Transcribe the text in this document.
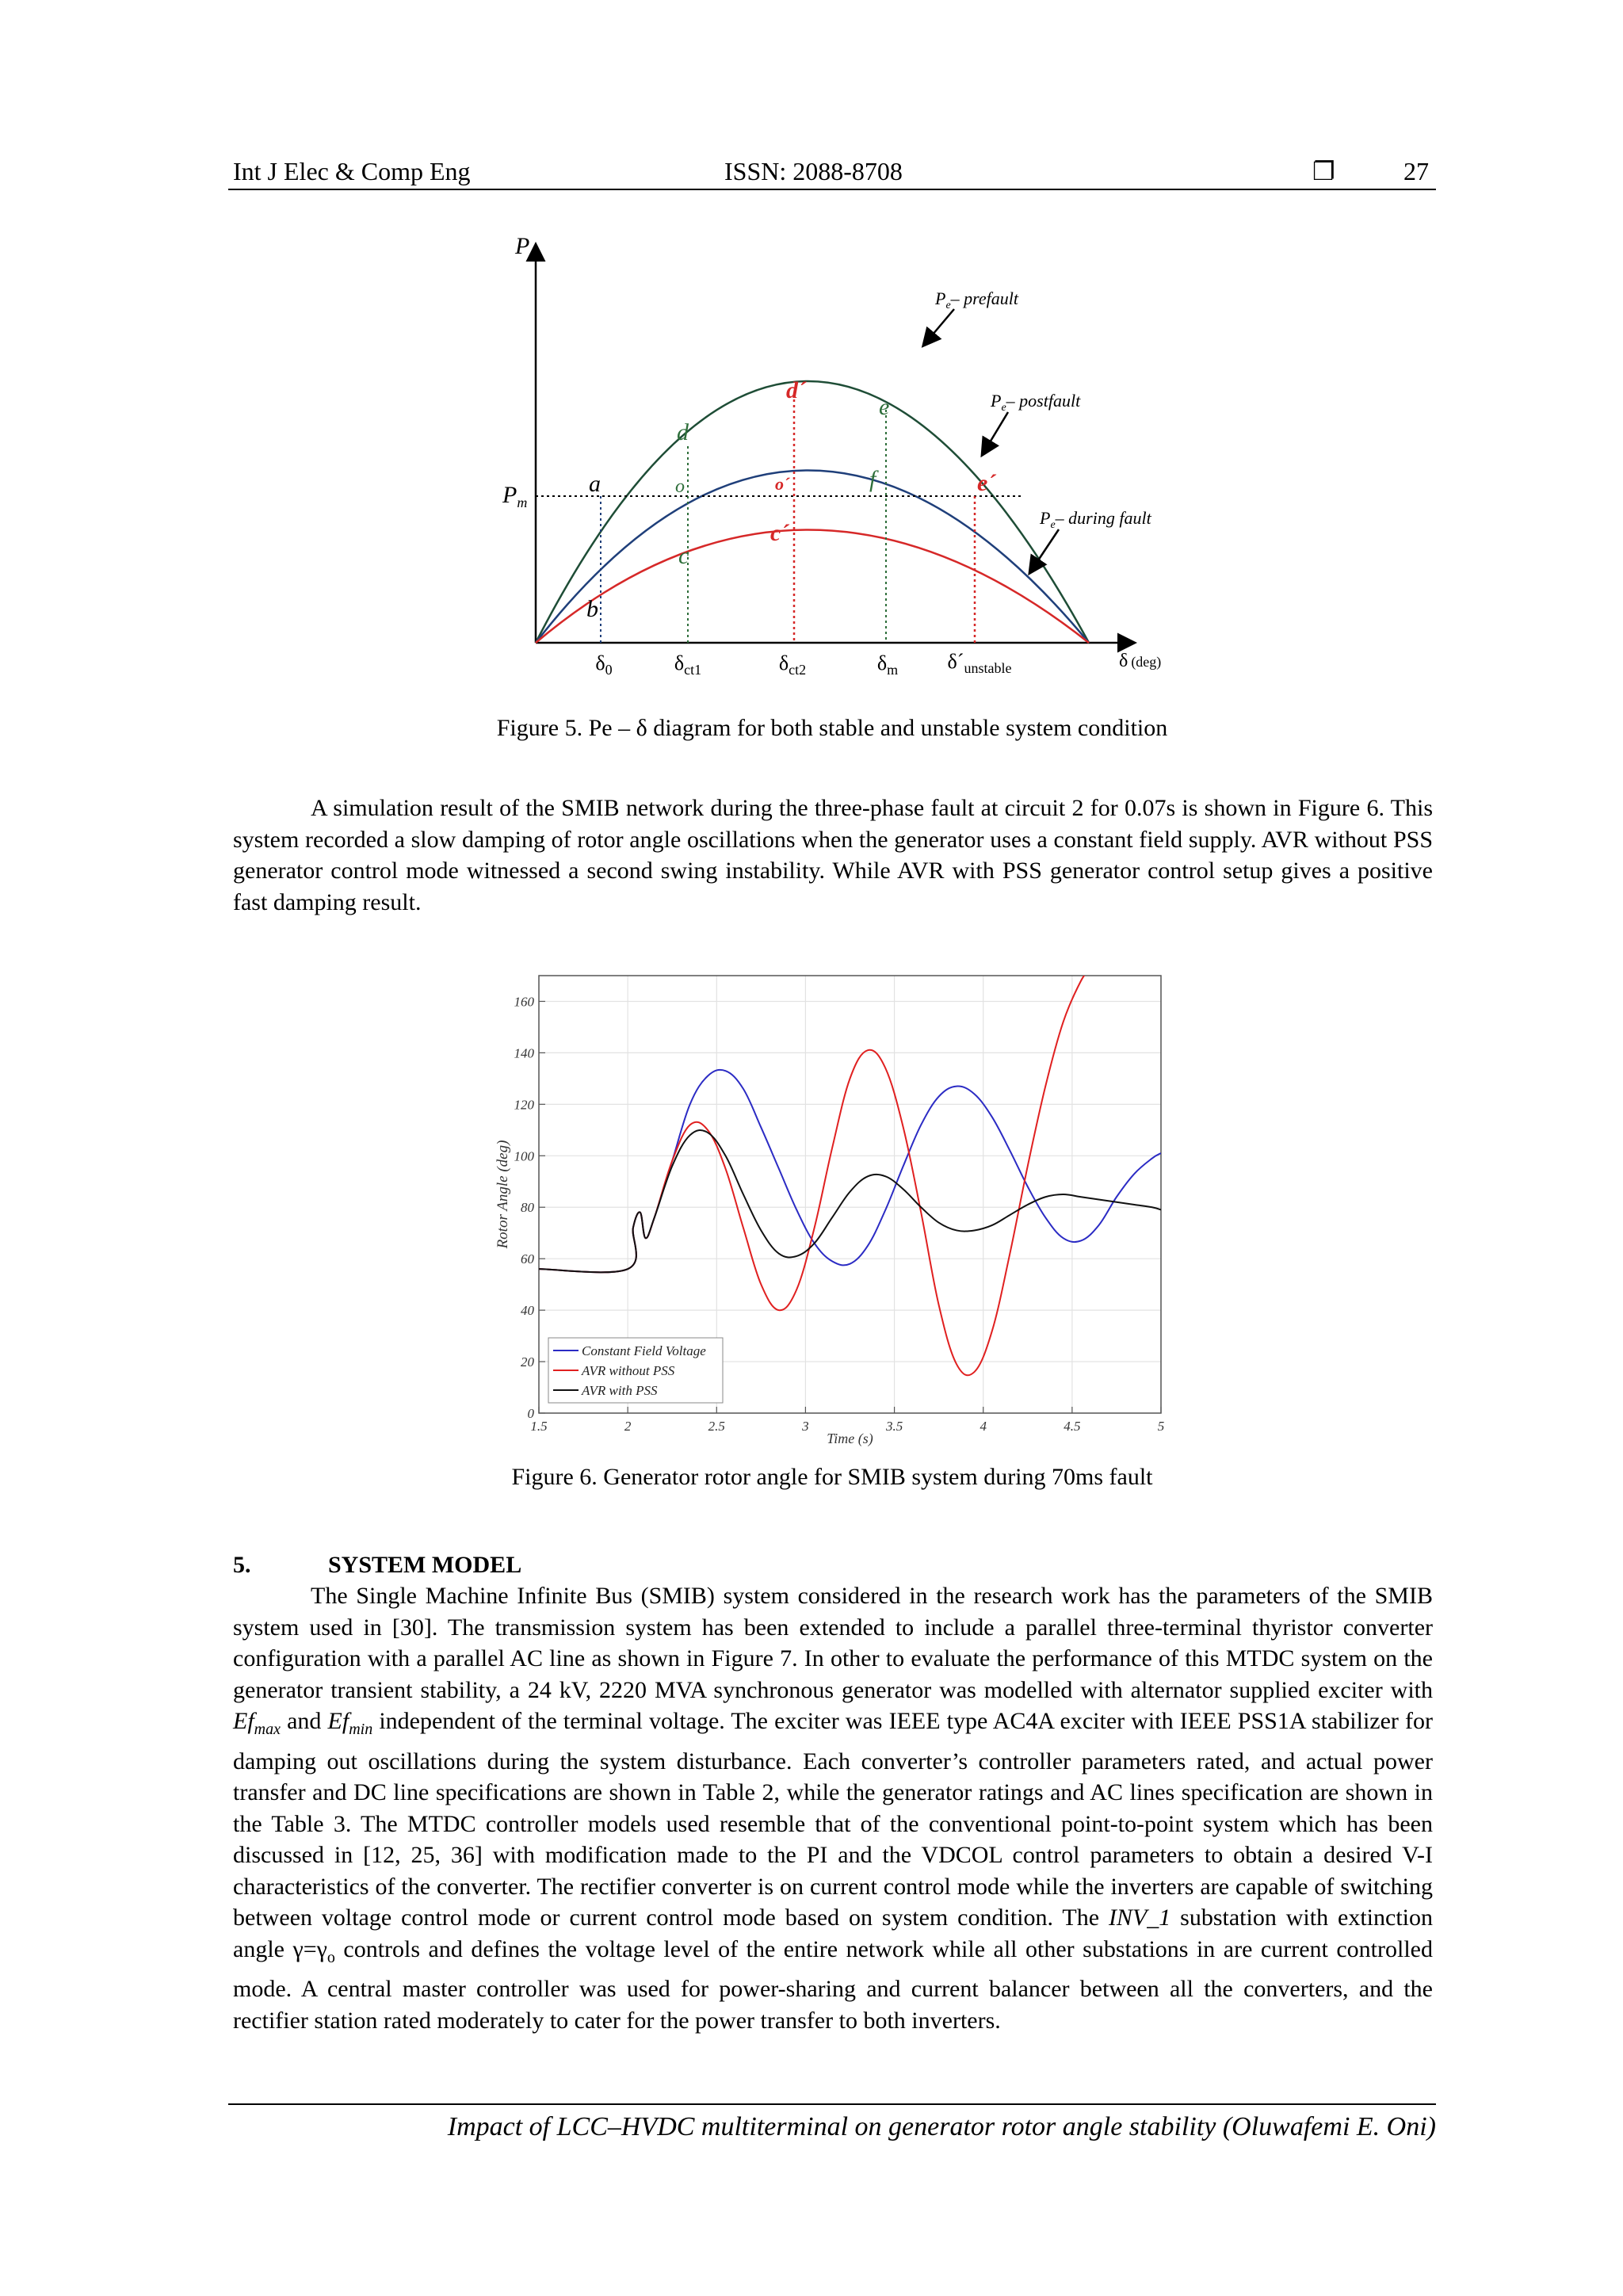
Int J Elec & Comp Eng	ISSN: 2088-8708	❐	27
P
$P_m$
a
b
c
d
e
f
o
d´
o´
c´
e´
$P_e-$ prefault
$P_e-$ postfault
$P_e-$ during fault
$\delta_0$	$\delta_{ct1}$	$\delta_{ct2}$	$\delta_m$ $\delta´_{unstable}$	δ (deg)
Figure 5. Pe – δ diagram for both stable and unstable system condition

A simulation result of the SMIB network during the three-phase fault at circuit 2 for 0.07s is shown in Figure 6. This system recorded a slow damping of rotor angle oscillations when the generator uses a constant field supply. AVR without PSS generator control mode witnessed a second swing instability. While AVR with PSS generator control setup gives a positive fast damping result.

1.5	2	2.5	3	3.5	4	4.5	5
0
20
40
60
80
100
120
140
160
Time (s)
Rotor Angle (deg)
Constant Field Voltage
AVR without PSS
AVR with PSS
Figure 6. Generator rotor angle for SMIB system during 70ms fault
5.	SYSTEM MODEL

The Single Machine Infinite Bus (SMIB) system considered in the research work has the parameters of the SMIB system used in [30]. The transmission system has been extended to include a parallel three-terminal thyristor converter configuration with a parallel AC line as shown in Figure 7. In other to evaluate the performance of this MTDC system on the generator transient stability, a 24 kV, 2220 MVA synchronous generator was modelled with alternator supplied exciter with $Ef_{max}$ and $Ef_{min}$ independent of the terminal voltage. The exciter was IEEE type AC4A exciter with IEEE PSS1A stabilizer for damping out oscillations during the system disturbance. Each converter’s controller parameters rated, and actual power transfer and DC line specifications are shown in Table 2, while the generator ratings and AC lines specification are shown in the Table 3. The MTDC controller models used resemble that of the conventional point-to-point system which has been discussed in [12, 25, 36] with modification made to the PI and the VDCOL control parameters to obtain a desired V-I characteristics of the converter. The rectifier converter is on current control mode while the inverters are capable of switching between voltage control mode or current control mode based on system condition. The INV_1 substation with extinction angle $\gamma=\gamma_o$ controls and defines the voltage level of the entire network while all other substations in are current controlled mode. A central master controller was used for power-sharing and current balancer between all the converters, and the rectifier station rated moderately to cater for the power transfer to both inverters.

Impact of LCC–HVDC multiterminal on generator rotor angle stability (Oluwafemi E. Oni)
